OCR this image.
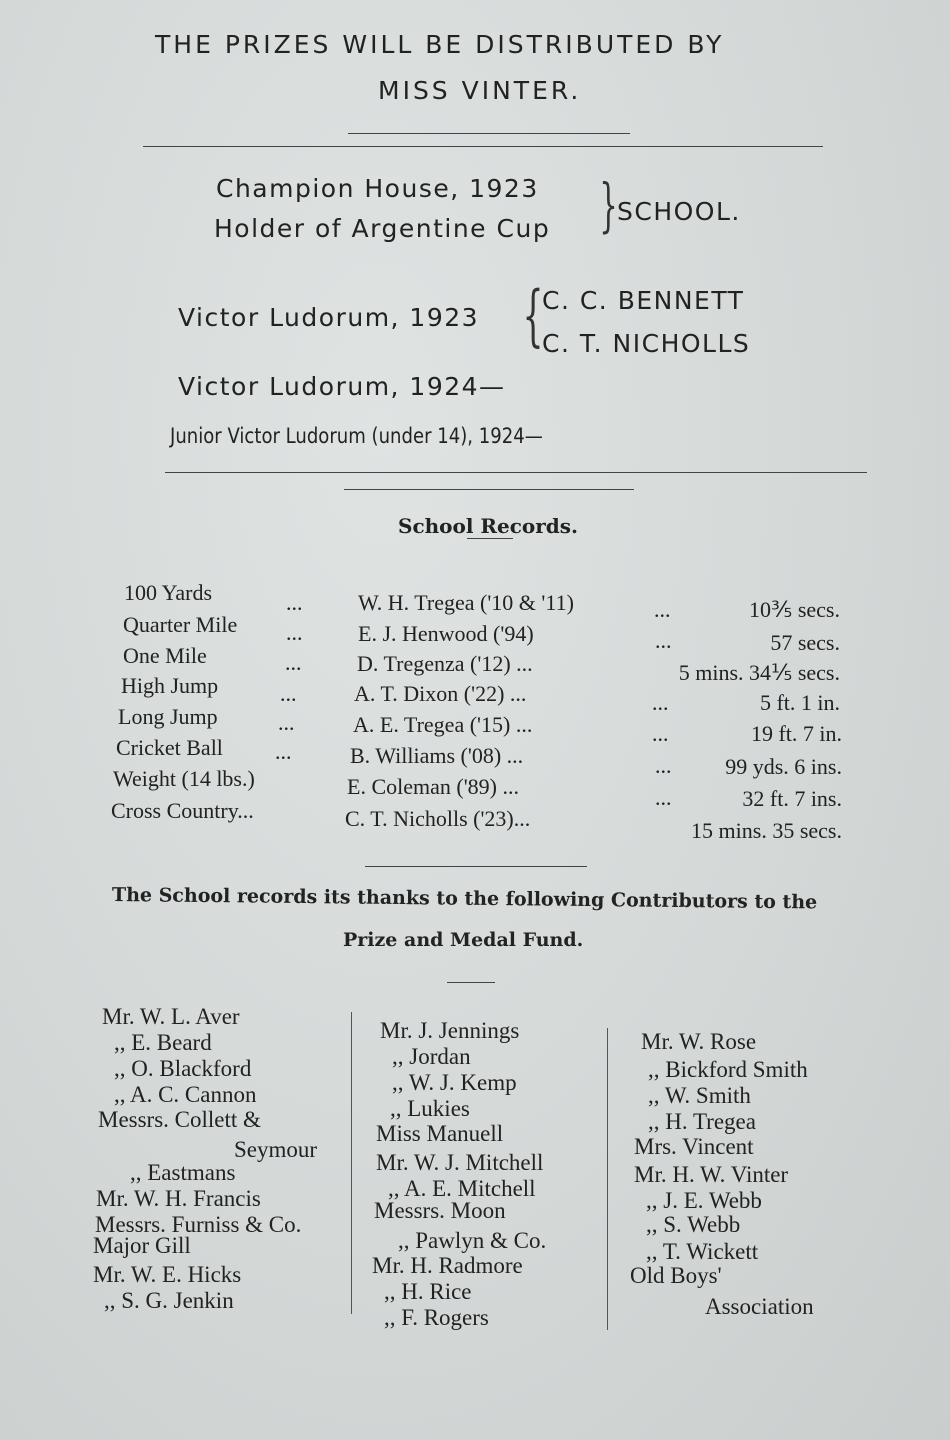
THE PRIZES WILL BE DISTRIBUTED BY
MISS VINTER.
Champion House, 1923
Holder of Argentine Cup } SCHOOL.
Victor Ludorum, 1923 {
C. C. BENNETT
C. T. NICHOLLS
Victor Ludorum, 1924—
Junior Victor Ludorum (under 14), 1924—
School Records.
100 Yards	...	W. H. Tregea ('10 & '11)	...	10⅗ secs.
Quarter Mile ...	E. J. Henwood ('94)	...	57 secs.
One Mile	...	D. Tregenza ('12) ...	5 mins. 34⅕ secs.
High Jump	...	A. T. Dixon ('22) ...	...	5 ft. 1 in.
Long Jump	...	A. E. Tregea ('15) ...	...	19 ft. 7 in.
Cricket Ball ...	B. Williams ('08) ...	... 99 yds. 6 ins.
Weight (14 lbs.)	E. Coleman ('89) ...	...	32 ft. 7 ins.
Cross Country...	C. T. Nicholls ('23)...	15 mins. 35 secs.
The School records its thanks to the following Contributors to the
Prize and Medal Fund.
Mr. W. L. Aver
,, E. Beard
,, O. Blackford
,, A. C. Cannon
Messrs. Collett &
Seymour
,, Eastmans
Mr. W. H. Francis
Messrs. Furniss & Co.
Major Gill
Mr. W. E. Hicks
,, S. G. Jenkin
Mr. J. Jennings
,, Jordan
,, W. J. Kemp
,, Lukies
Miss Manuell
Mr. W. J. Mitchell
,, A. E. Mitchell
Messrs. Moon
,, Pawlyn & Co.
Mr. H. Radmore
,, H. Rice
,, F. Rogers
Mr. W. Rose
,, Bickford Smith
,, W. Smith
,, H. Tregea
Mrs. Vincent
Mr. H. W. Vinter
,, J. E. Webb
,, S. Webb
,, T. Wickett
Old Boys'
Association
